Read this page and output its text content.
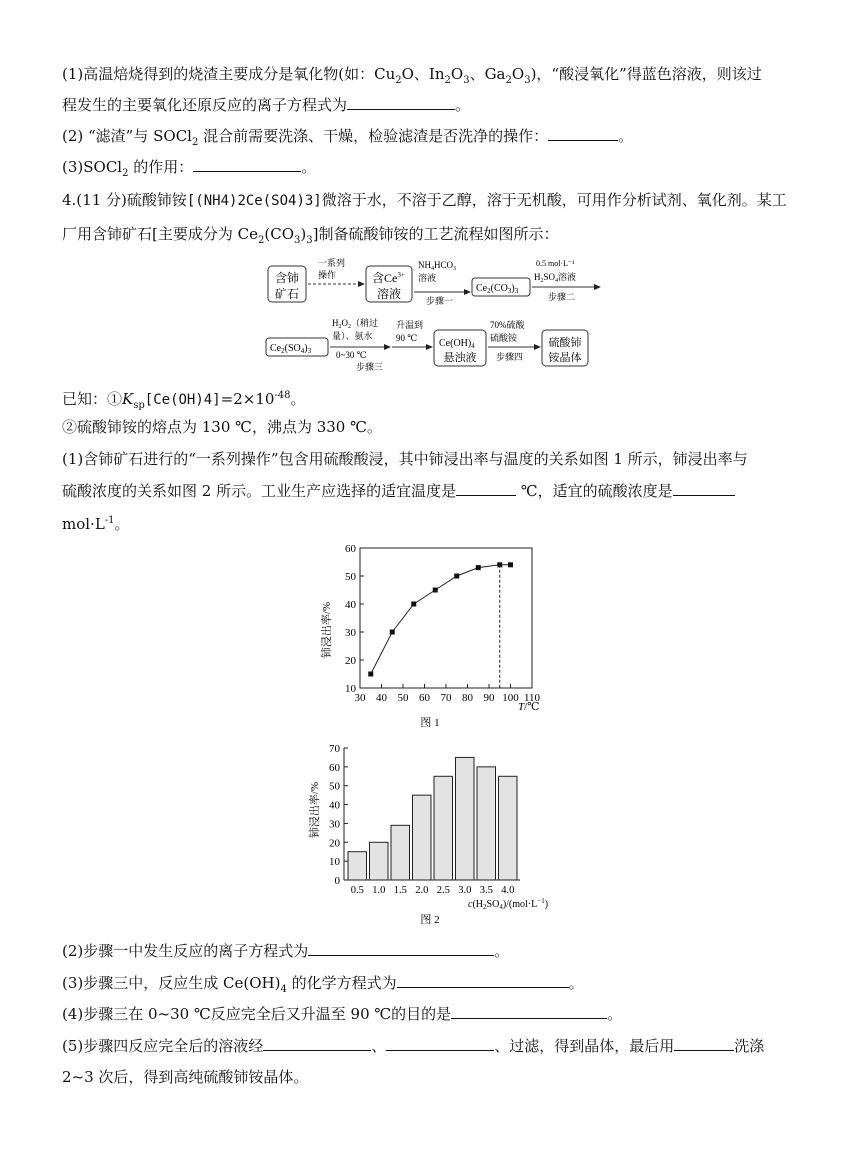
(1)高温焙烧得到的烧渣主要成分是氧化物(如：$Cu_2O$、$In_2O_3$、$Ga_2O_3$)，“酸浸氧化”得蓝色溶液，则该过
程发生的主要氧化还原反应的离子方程式为	。
(2) “滤渣”与 SOCl$_2$ 混合前需要洗涤、干燥，检验滤渣是否洗净的操作：	。
(3)SOCl$_2$ 的作用：	。
4.(11 分)硫酸铈铵[(NH4)2Ce(SO4)3]微溶于水，不溶于乙醇，溶于无机酸，可用作分析试剂、氧化剂。某工
厂用含铈矿石[主要成分为 $Ce_2(CO_3)_3$]制备硫酸铈铵的工艺流程如图所示：
含铈
矿石
一系列操作
一系列操作
含$Ce^{3+}$
溶液
$NH_4HCO_3$
溶液
步骤一
$Ce_2(CO_3)_3$
0.5 mol·L⁻¹
$H_2SO_4$溶液
步骤二
$Ce_2(SO_4)_3$
$H_2O_2$（稍过
量）、氨水
0~30 ℃
步骤三
升温到
90 ℃ $Ce(OH)_4$
悬浊液
70%硫酸
硫酸铵
步骤四
硫酸铈
铵晶体
已知：$①K_{sp}[Ce(OH)4]=2\times 10^{-48}$。
②硫酸铈铵的熔点为 130 ℃，沸点为 330 ℃。
(1)含铈矿石进行的“一系列操作”包含用硫酸酸浸，其中铈浸出率与温度的关系如图 1 所示，铈浸出率与
硫酸浓度的关系如图 2 所示。工业生产应选择的适宜温度是	℃，适宜的硫酸浓度是
$mol\cdot L^{-1}$。
铈浸出率/%
T/℃
图 1
30 40 50 60 70 80 90 100 110
10
20
30
40
50
60
铈浸出率/%
$c(H_2SO_4)/(mol\cdot L^{-1})$
图 2
0
10
20
30
40
50
60
70
0.5 1.0 1.5 2.0 2.5 3.0 3.5 4.0
(2)步骤一中发生反应的离子方程式为	。
(3)步骤三中，反应生成 $Ce(OH)_4$ 的化学方程式为	。
(4)步骤三在 0~30 ℃反应完全后又升温至 90 ℃的目的是	。
(5)步骤四反应完全后的溶液经	、	、过滤，得到晶体，最后用	洗涤
2~3 次后，得到高纯硫酸铈铵晶体。
